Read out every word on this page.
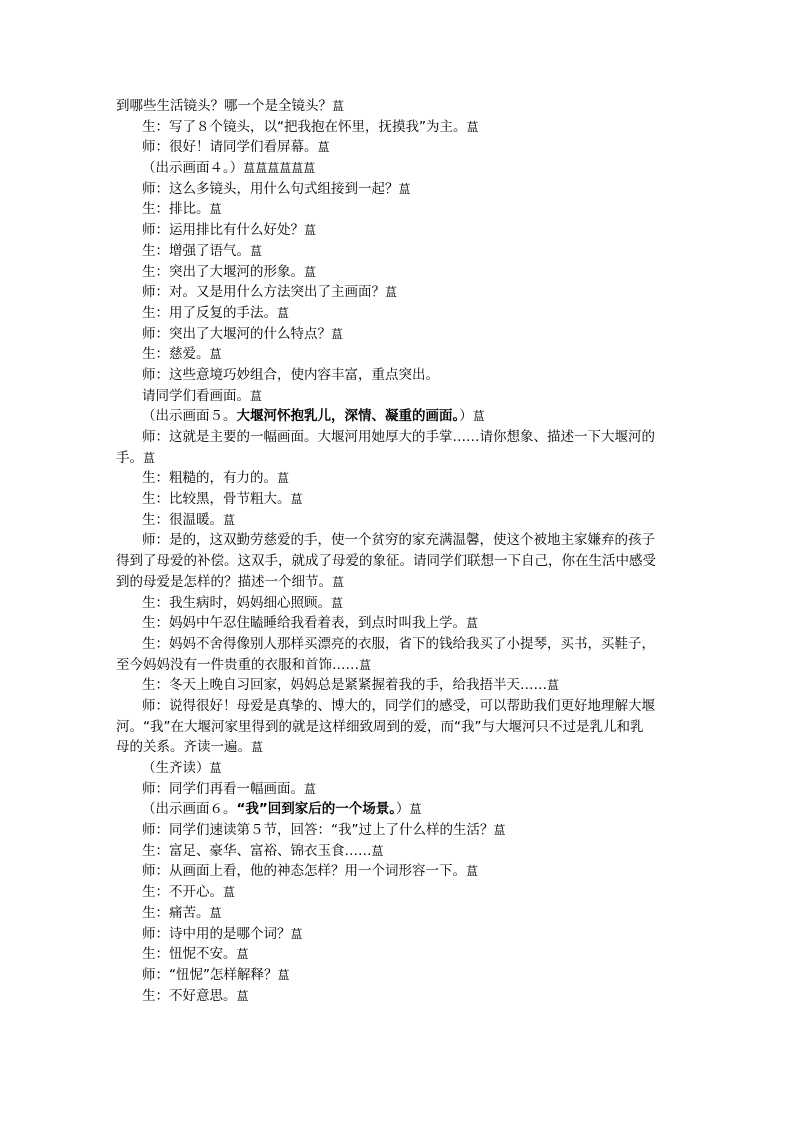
到哪些生活镜头？哪一个是全镜头？蒀
生：写了８个镜头，以“把我抱在怀里，抚摸我”为主。蒀
师：很好！请同学们看屏幕。蒀
（出示画面４。）蒀蒀蒀蒀蒀蒀
师：这么多镜头，用什么句式组接到一起？蒀
生：排比。蒀
师：运用排比有什么好处？蒀
生：增强了语气。蒀
生：突出了大堰河的形象。蒀
师：对。又是用什么方法突出了主画面？蒀
生：用了反复的手法。蒀
师：突出了大堰河的什么特点？蒀
生：慈爱。蒀
师：这些意境巧妙组合，使内容丰富，重点突出。
请同学们看画面。蒀
（出示画面５。大堰河怀抱乳儿，深情、凝重的画面。）蒀
师：这就是主要的一幅画面。大堰河用她厚大的手掌……请你想象、描述一下大堰河的
手。蒀
生：粗糙的，有力的。蒀
生：比较黑，骨节粗大。蒀
生：很温暖。蒀
师：是的，这双勤劳慈爱的手，使一个贫穷的家充满温馨，使这个被地主家嫌弃的孩子
得到了母爱的补偿。这双手，就成了母爱的象征。请同学们联想一下自己，你在生活中感受
到的母爱是怎样的？描述一个细节。蒀
生：我生病时，妈妈细心照顾。蒀
生：妈妈中午忍住瞌睡给我看着表，到点时叫我上学。蒀
生：妈妈不舍得像别人那样买漂亮的衣服，省下的钱给我买了小提琴，买书，买鞋子，
至今妈妈没有一件贵重的衣服和首饰……蒀
生：冬天上晚自习回家，妈妈总是紧紧握着我的手，给我捂半天……蒀
师：说得很好！母爱是真挚的、博大的，同学们的感受，可以帮助我们更好地理解大堰
河。“我”在大堰河家里得到的就是这样细致周到的爱，而“我”与大堰河只不过是乳儿和乳
母的关系。齐读一遍。蒀
（生齐读）蒀
师：同学们再看一幅画面。蒀
（出示画面６。“我”回到家后的一个场景。）蒀
师：同学们速读第５节，回答：“我”过上了什么样的生活？蒀
生：富足、豪华、富裕、锦衣玉食……蒀
师：从画面上看，他的神态怎样？用一个词形容一下。蒀
生：不开心。蒀
生：痛苦。蒀
师：诗中用的是哪个词？蒀
生：忸怩不安。蒀
师：“忸怩”怎样解释？蒀
生：不好意思。蒀
